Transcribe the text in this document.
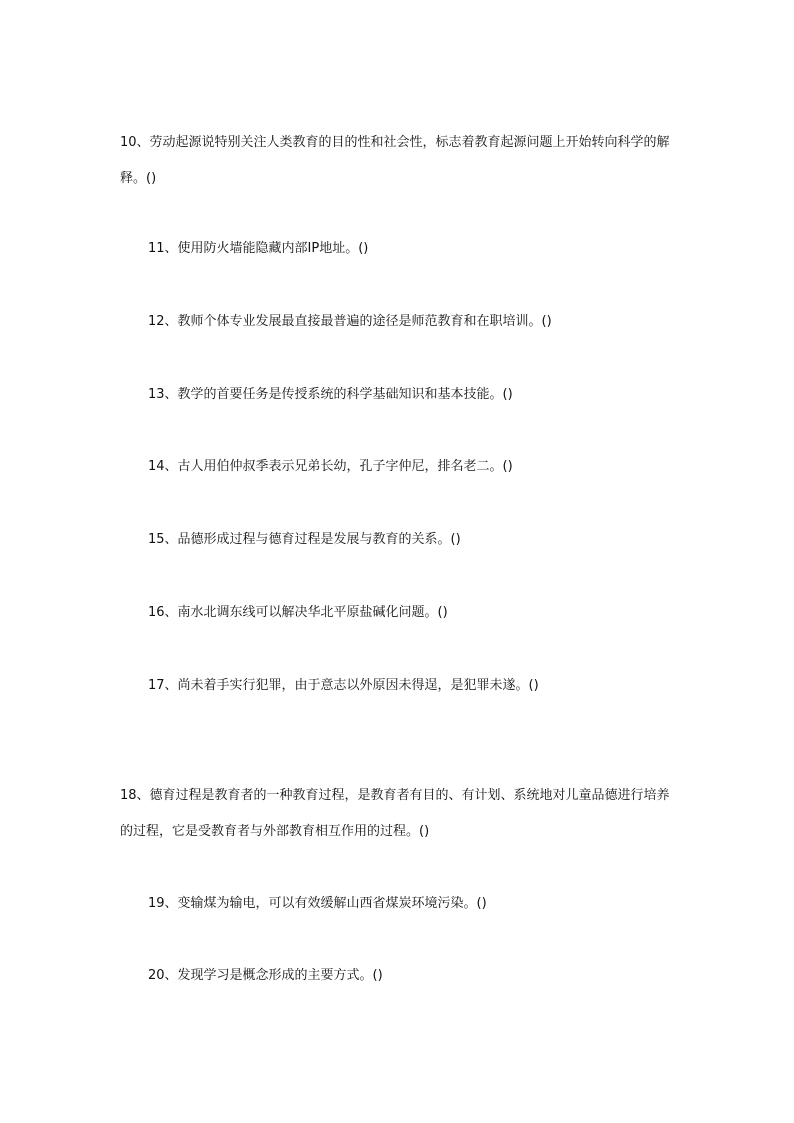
10、劳动起源说特别关注人类教育的目的性和社会性，标志着教育起源问题上开始转向科学的解释。()

11、使用防火墙能隐藏内部IP地址。()

12、教师个体专业发展最直接最普遍的途径是师范教育和在职培训。()

13、教学的首要任务是传授系统的科学基础知识和基本技能。()

14、古人用伯仲叔季表示兄弟长幼，孔子字仲尼，排名老二。()

15、品德形成过程与德育过程是发展与教育的关系。()

16、南水北调东线可以解决华北平原盐碱化问题。()

17、尚未着手实行犯罪，由于意志以外原因未得逞，是犯罪未遂。()

18、德育过程是教育者的一种教育过程，是教育者有目的、有计划、系统地对儿童品德进行培养的过程，它是受教育者与外部教育相互作用的过程。()

19、变输煤为输电，可以有效缓解山西省煤炭环境污染。()

20、发现学习是概念形成的主要方式。()
